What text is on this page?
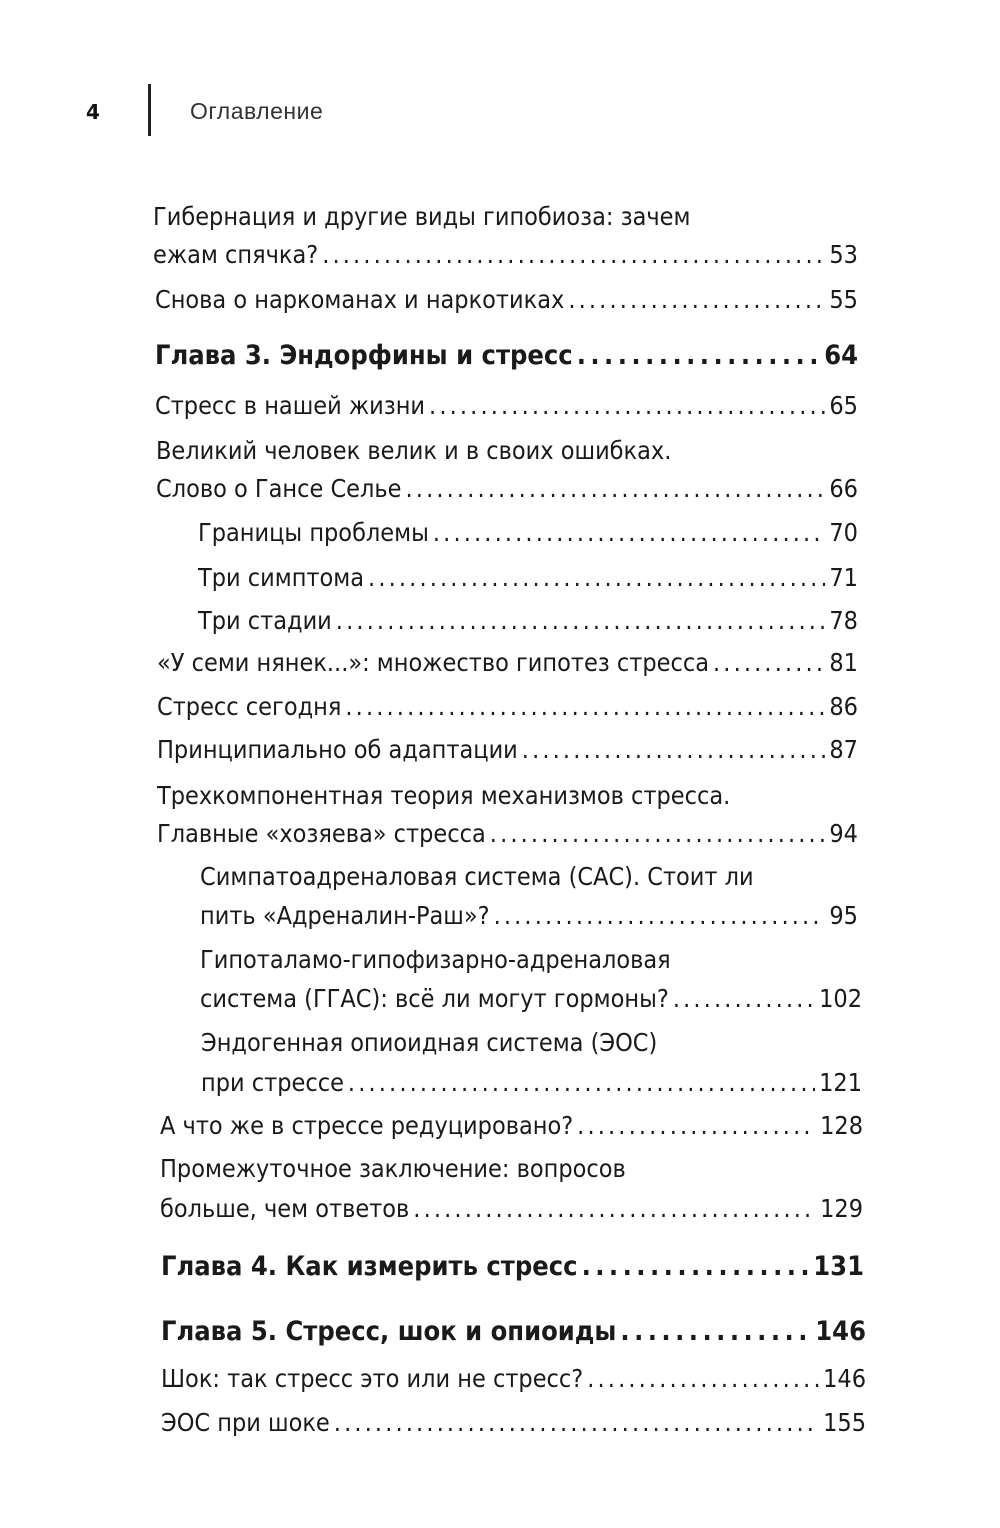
4	Оглавление
Гибернация и другие виды гипобиоза: зачем
ежам спячка? . . .	53
Снова о наркоманах и наркотиках . . .	55
Глава 3. Эндорфины и стресс . . .	64
Стресс в нашей жизни . . .	65
Великий человек велик и в своих ошибках.
Слово о Гансе Селье . . .	66
Границы проблемы . . .	70
Три симптома . . .	71
Три стадии . . .	78
«У семи нянек...»: множество гипотез стресса . . .	81
Стресс сегодня . . .	86
Принципиально об адаптации . . .	87
Трехкомпонентная теория механизмов стресса.
Главные «хозяева» стресса . . .	94
Симпатоадреналовая система (САС). Стоит ли
пить «Адреналин-Раш»? . . .	95
Гипоталамо-гипофизарно-адреналовая
система (ГГАС): всё ли могут гормоны? . . .	102
Эндогенная опиоидная система (ЭОС)
при стрессе . . .	121
А что же в стрессе редуцировано? . . .	128
Промежуточное заключение: вопросов
больше, чем ответов . . .	129
Глава 4. Как измерить стресс . . .	131
Глава 5. Стресс, шок и опиоиды . . .	146
Шок: так стресс это или не стресс? . . .	146
ЭОС при шоке . . .	155
